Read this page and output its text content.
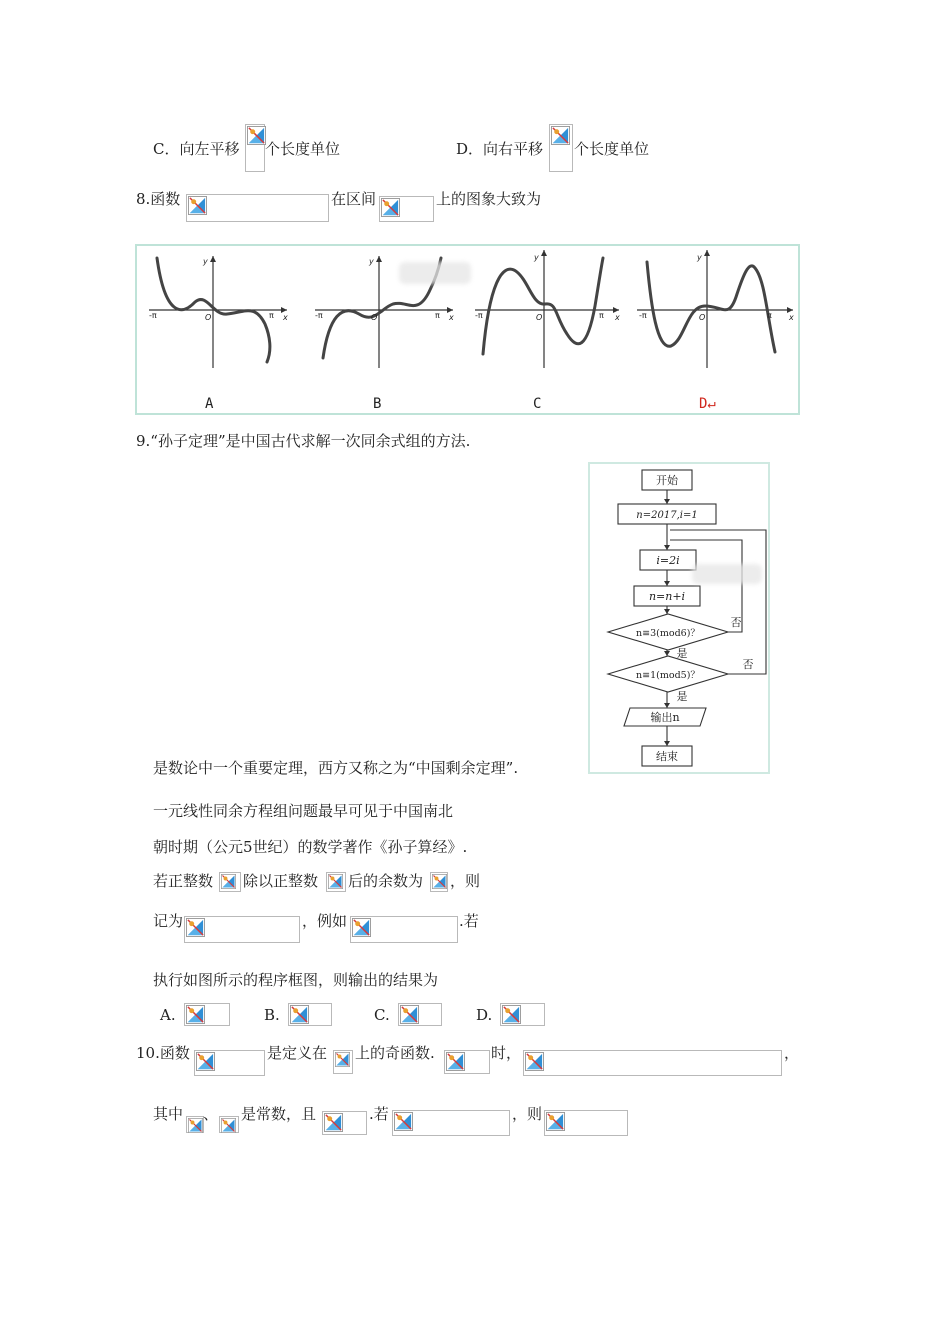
C．向左平移 个长度单位	D．向右平移 个长度单位
8.函数	在区间	上的图象大致为
-π	π
y
x
O	-π	π
y
x
O	-π	π
y
x
O	-π	π
y
x
O
A	B	C	D↵
9.“孙子定理”是中国古代求解一次同余式组的方法.
开始
n=2017,i=1
i=2i
n=n+i
n≡3(mod6)？
n≡1(mod5)？
输出n
结束
是
是
否
否
是数论中一个重要定理，西方又称之为“中国剩余定理”.
一元线性同余方程组问题最早可见于中国南北
朝时期（公元5世纪）的数学著作《孙子算经》.
若正整数 除以正整数 后的余数为 ，则
记为	，例如	.若
执行如图所示的程序框图，则输出的结果为
A.	B.	C.	D.
10.函数	是定义在 上的奇函数.	时，	，
其中 、 是常数，且	.若	，则
